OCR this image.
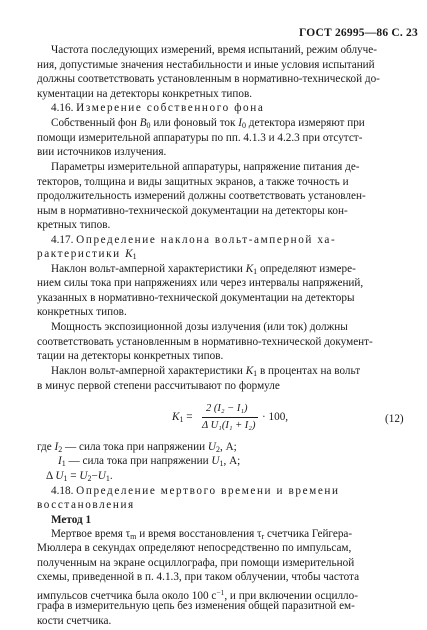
ГОСТ 26995—86 С. 23
Частота последующих измерений, время испытаний, режим облуче-
ния, допустимые значения нестабильности и иные условия испытаний
должны соответствовать установленным в нормативно-технической до-
кументации на детекторы конкретных типов.
4.16. Измерение собственного фона
Собственный фон $B_0$ или фоновый ток $I_0$ детектора измеряют при
помощи измерительной аппаратуры по пп. 4.1.3 и 4.2.3 при отсутст-
вии источников излучения.
Параметры измерительной аппаратуры, напряжение питания де-
текторов, толщина и виды защитных экранов, а также точность и
продолжительность измерений должны соответствовать установлен-
ным в нормативно-технической документации на детекторы кон-
кретных типов.
4.17. Определение наклона вольт-амперной ха-
рактеристики $K_1$
Наклон вольт-амперной характеристики $K_1$ определяют измере-
нием силы тока при напряжениях или через интервалы напряжений,
указанных в нормативно-технической документации на детекторы
конкретных типов.
Мощность экспозиционной дозы излучения (или ток) должны
соответствовать установленным в нормативно-технической документ-
тации на детекторы конкретных типов.
Наклон вольт-амперной характеристики $K_1$ в процентах на вольт
в минус первой степени рассчитывают по формуле
$K_1$ =
2 (I₂ − I₁)
Δ U₁(I₁ + I₂)
· 100,	(12)
где $I_2$ — сила тока при напряжении $U_2$, А;
$I_1$ — сила тока при напряжении $U_1$, А;
Δ $U_1 = U_2-U_1$.
4.18. Определение мертвого времени и времени
восстановления
Метод 1
Мертвое время $\tau_m$ и время восстановления $\tau_r$ счетчика Гейгера-
Мюллера в секундах определяют непосредственно по импульсам,
полученным на экране осциллографа, при помощи измерительной
схемы, приведенной в п. 4.1.3, при таком облучении, чтобы частота
импульсов счетчика была около 100 $с^{-1}$, и при включении осцилло-
графа в измерительную цепь без изменения общей паразитной ем-
кости счетчика.
